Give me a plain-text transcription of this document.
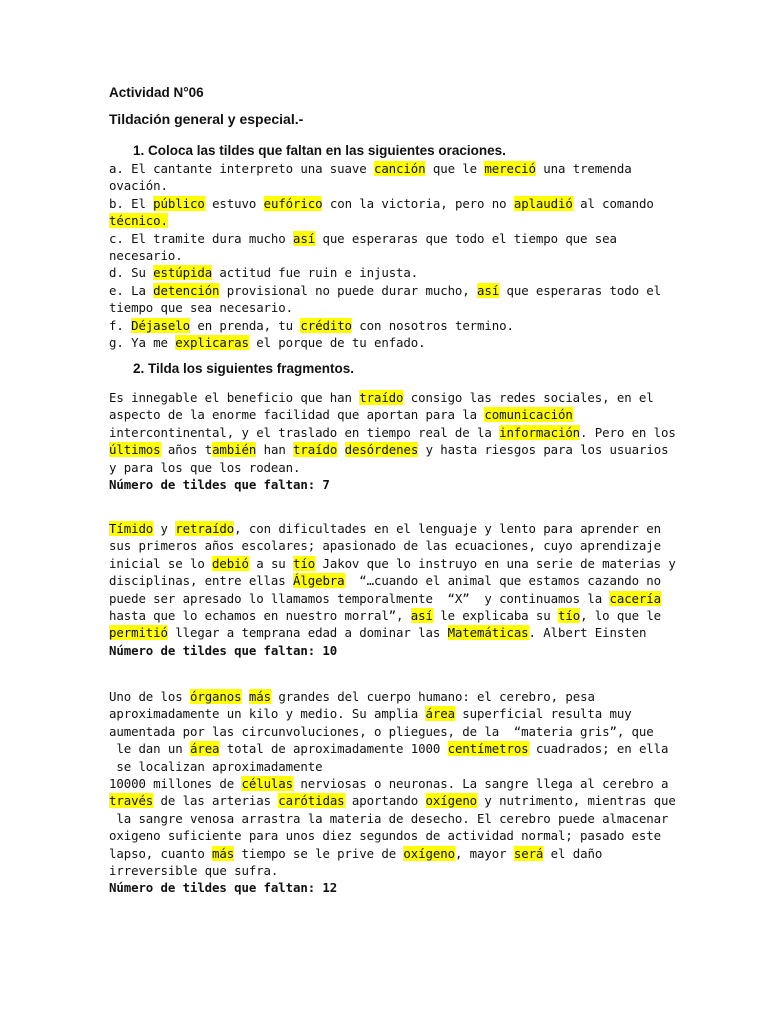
Actividad N°06
Tildación general y especial.-
1. Coloca las tildes que faltan en las siguientes oraciones.
a. El cantante interpreto una suave canción que le mereció una tremenda
ovación.
b. El público estuvo eufórico con la victoria, pero no aplaudió al comando
técnico.
c. El tramite dura mucho así que esperaras que todo el tiempo que sea
necesario.
d. Su estúpida actitud fue ruin e injusta.
e. La detención provisional no puede durar mucho, así que esperaras todo el
tiempo que sea necesario.
f. Déjaselo en prenda, tu crédito con nosotros termino.
g. Ya me explicaras el porque de tu enfado.
2. Tilda los siguientes fragmentos.
Es innegable el beneficio que han traído consigo las redes sociales, en el
aspecto de la enorme facilidad que aportan para la comunicación
intercontinental, y el traslado en tiempo real de la información. Pero en los
últimos años también han traído desórdenes y hasta riesgos para los usuarios
y para los que los rodean.
Número de tildes que faltan: 7
Tímido y retraído, con dificultades en el lenguaje y lento para aprender en
sus primeros años escolares; apasionado de las ecuaciones, cuyo aprendizaje
inicial se lo debió a su tío Jakov que lo instruyo en una serie de materias y
disciplinas, entre ellas Álgebra  “…cuando el animal que estamos cazando no
puede ser apresado lo llamamos temporalmente  “X”  y continuamos la cacería
hasta que lo echamos en nuestro morral”, así le explicaba su tío, lo que le
permitió llegar a temprana edad a dominar las Matemáticas. Albert Einsten
Número de tildes que faltan: 10
Uno de los órganos más grandes del cuerpo humano: el cerebro, pesa
aproximadamente un kilo y medio. Su amplia área superficial resulta muy
aumentada por las circunvoluciones, o pliegues, de la  “materia gris”, que
le dan un área total de aproximadamente 1000 centímetros cuadrados; en ella
se localizan aproximadamente
10000 millones de células nerviosas o neuronas. La sangre llega al cerebro a
través de las arterias carótidas aportando oxígeno y nutrimento, mientras que
la sangre venosa arrastra la materia de desecho. El cerebro puede almacenar
oxigeno suficiente para unos diez segundos de actividad normal; pasado este
lapso, cuanto más tiempo se le prive de oxígeno, mayor será el daño
irreversible que sufra.
Número de tildes que faltan: 12
